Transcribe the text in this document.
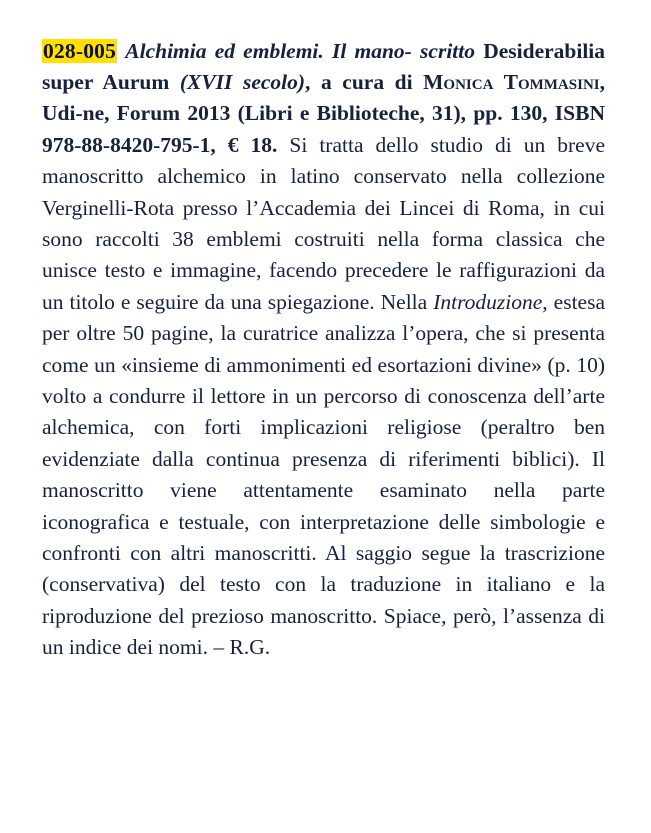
028-005 Alchimia ed emblemi. Il mano- scritto Desiderabilia super Aurum (XVII secolo), a cura di Monica Tommasini, Udi-ne, Forum 2013 (Libri e Biblioteche, 31), pp. 130, ISBN 978-88-8420-795-1, € 18. Si tratta dello studio di un breve manoscritto alchemico in latino conservato nella collezione Verginelli-Rota presso l’Accademia dei Lincei di Roma, in cui sono raccolti 38 emblemi costruiti nella forma classica che unisce testo e immagine, facendo precedere le raffigurazioni da un titolo e seguire da una spiegazione. Nella Introduzione, estesa per oltre 50 pagine, la curatrice analizza l’opera, che si presenta come un «insieme di ammonimenti ed esortazioni divine» (p. 10) volto a condurre il lettore in un percorso di conoscenza dell’arte alchemica, con forti implicazioni religiose (peraltro ben evidenziate dalla continua presenza di riferimenti biblici). Il manoscritto viene attentamente esaminato nella parte iconografica e testuale, con interpretazione delle simbologie e confronti con altri manoscritti. Al saggio segue la trascrizione (conservativa) del testo con la traduzione in italiano e la riproduzione del prezioso manoscritto. Spiace, però, l’assenza di un indice dei nomi. – R.G.
